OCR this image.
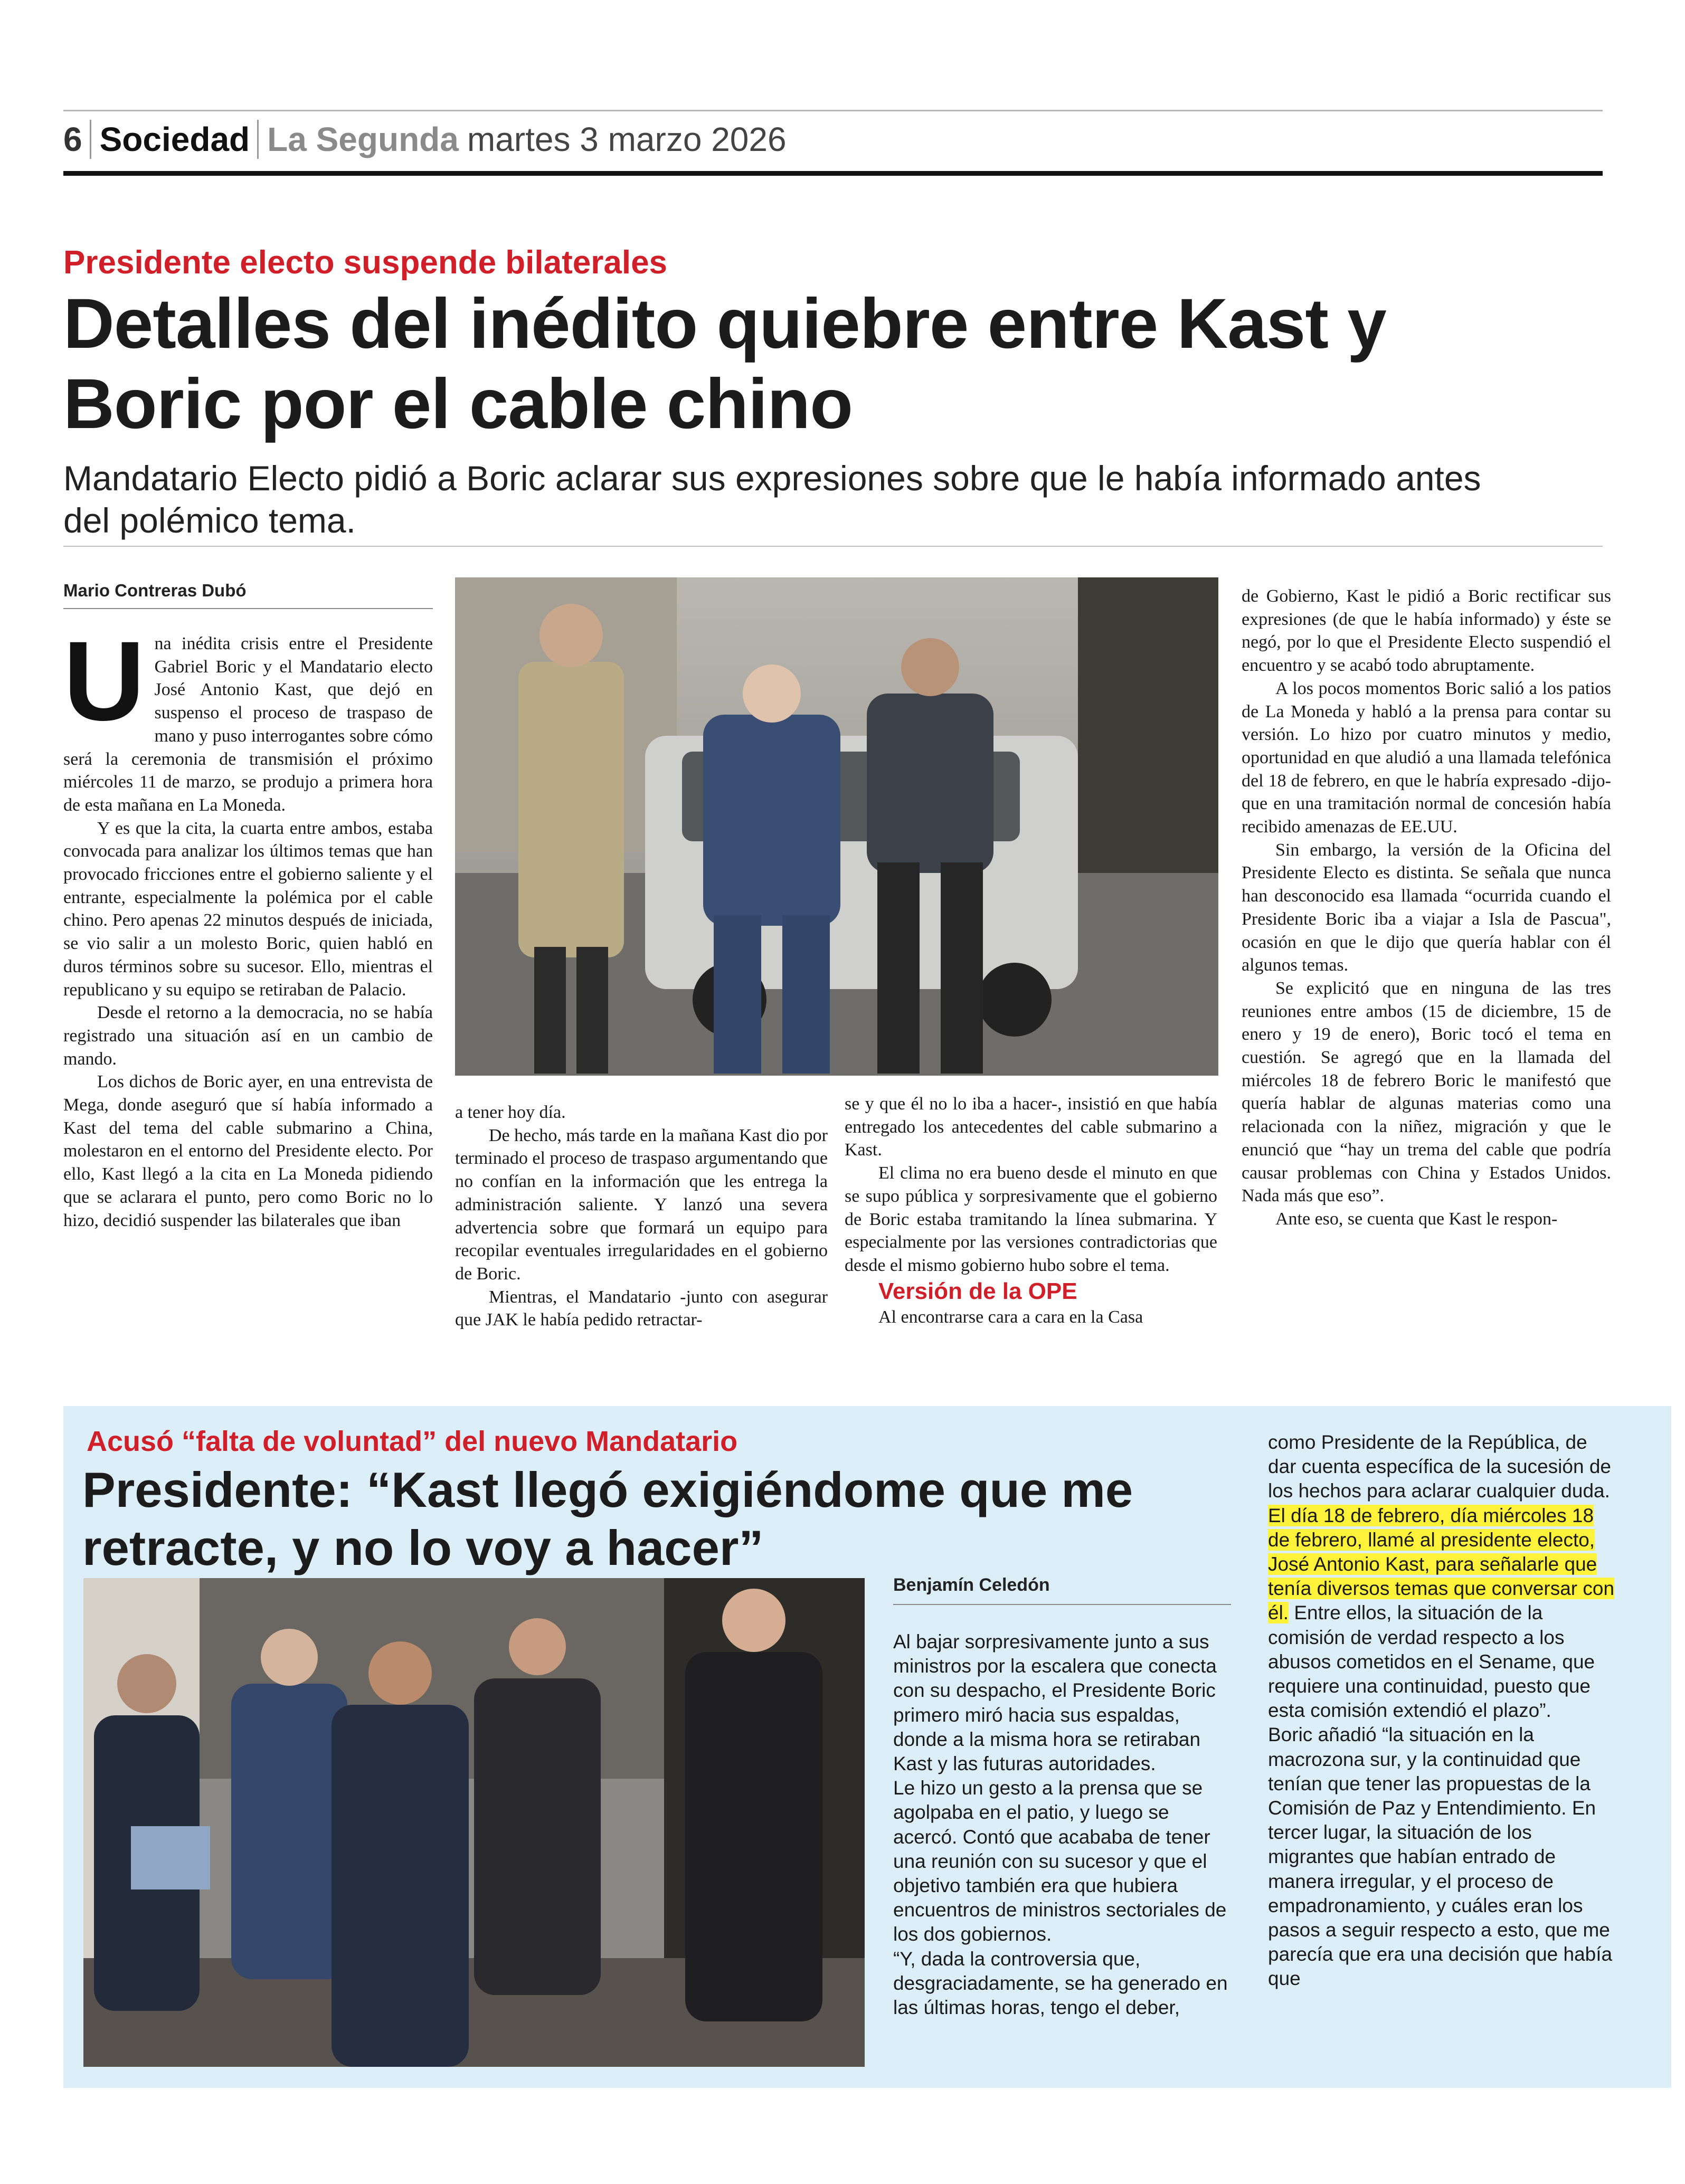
6 Sociedad La Segunda martes 3 marzo 2026
Presidente electo suspende bilaterales
Detalles del inédito quiebre entre Kast y Boric por el cable chino

Mandatario Electo pidió a Boric aclarar sus expresiones sobre que le había informado antes del polémico tema.

Mario Contreras Dubó

Una inédita crisis entre el Presidente Gabriel Boric y el Mandatario electo José Antonio Kast, que dejó en suspenso el proceso de traspaso de mano y puso interrogantes sobre cómo será la ceremonia de transmisión el próximo miércoles 11 de marzo, se produjo a primera hora de esta mañana en La Moneda.

Y es que la cita, la cuarta entre ambos, estaba convocada para analizar los últimos temas que han provocado fricciones entre el gobierno saliente y el entrante, especialmente la polémica por el cable chino. Pero apenas 22 minutos después de iniciada, se vio salir a un molesto Boric, quien habló en duros términos sobre su sucesor. Ello, mientras el republicano y su equipo se retiraban de Palacio.

Desde el retorno a la democracia, no se había registrado una situación así en un cambio de mando.

Los dichos de Boric ayer, en una entrevista de Mega, donde aseguró que sí había informado a Kast del tema del cable submarino a China, molestaron en el entorno del Presidente electo. Por ello, Kast llegó a la cita en La Moneda pidiendo que se aclarara el punto, pero como Boric no lo hizo, decidió suspender las bilaterales que iban

a tener hoy día.

De hecho, más tarde en la mañana Kast dio por terminado el proceso de traspaso argumentando que no confían en la información que les entrega la administración saliente. Y lanzó una severa advertencia sobre que formará un equipo para recopilar eventuales irregularidades en el gobierno de Boric.

Mientras, el Mandatario -junto con asegurar que JAK le había pedido retractar-

se y que él no lo iba a hacer-, insistió en que había entregado los antecedentes del cable submarino a Kast.

El clima no era bueno desde el minuto en que se supo pública y sorpresivamente que el gobierno de Boric estaba tramitando la línea submarina. Y especialmente por las versiones contradictorias que desde el mismo gobierno hubo sobre el tema.

Versión de la OPE

Al encontrarse cara a cara en la Casa

de Gobierno, Kast le pidió a Boric rectificar sus expresiones (de que le había informado) y éste se negó, por lo que el Presidente Electo suspendió el encuentro y se acabó todo abruptamente.

A los pocos momentos Boric salió a los patios de La Moneda y habló a la prensa para contar su versión. Lo hizo por cuatro minutos y medio, oportunidad en que aludió a una llamada telefónica del 18 de febrero, en que le habría expresado -dijo- que en una tramitación normal de concesión había recibido amenazas de EE.UU.

Sin embargo, la versión de la Oficina del Presidente Electo es distinta. Se señala que nunca han desconocido esa llamada “ocurrida cuando el Presidente Boric iba a viajar a Isla de Pascua", ocasión en que le dijo que quería hablar con él algunos temas.

Se explicitó que en ninguna de las tres reuniones entre ambos (15 de diciembre, 15 de enero y 19 de enero), Boric tocó el tema en cuestión. Se agregó que en la llamada del miércoles 18 de febrero Boric le manifestó que quería hablar de algunas materias como una relacionada con la niñez, migración y que le enunció que “hay un trema del cable que podría causar problemas con China y Estados Unidos. Nada más que eso”.

Ante eso, se cuenta que Kast le respon-

Acusó “falta de voluntad” del nuevo Mandatario
Presidente: “Kast llegó exigiéndome que me retracte, y no lo voy a hacer”
Benjamín Celedón

Al bajar sorpresivamente junto a sus ministros por la escalera que conecta con su despacho, el Presidente Boric primero miró hacia sus espaldas, donde a la misma hora se retiraban Kast y las futuras autoridades.

Le hizo un gesto a la prensa que se agolpaba en el patio, y luego se acercó. Contó que acababa de tener una reunión con su sucesor y que el objetivo también era que hubiera encuentros de ministros sectoriales de los dos gobiernos.

“Y, dada la controversia que, desgraciadamente, se ha generado en las últimas horas, tengo el deber,

como Presidente de la República, de dar cuenta específica de la sucesión de los hechos para aclarar cualquier duda. El día 18 de febrero, día miércoles 18 de febrero, llamé al presidente electo, José Antonio Kast, para señalarle que tenía diversos temas que conversar con él. Entre ellos, la situación de la comisión de verdad respecto a los abusos cometidos en el Sename, que requiere una continuidad, puesto que esta comisión extendió el plazo”.

Boric añadió “la situación en la macrozona sur, y la continuidad que tenían que tener las propuestas de la Comisión de Paz y Entendimiento. En tercer lugar, la situación de los migrantes que habían entrado de manera irregular, y el proceso de empadronamiento, y cuáles eran los pasos a seguir respecto a esto, que me parecía que era una decisión que había que
